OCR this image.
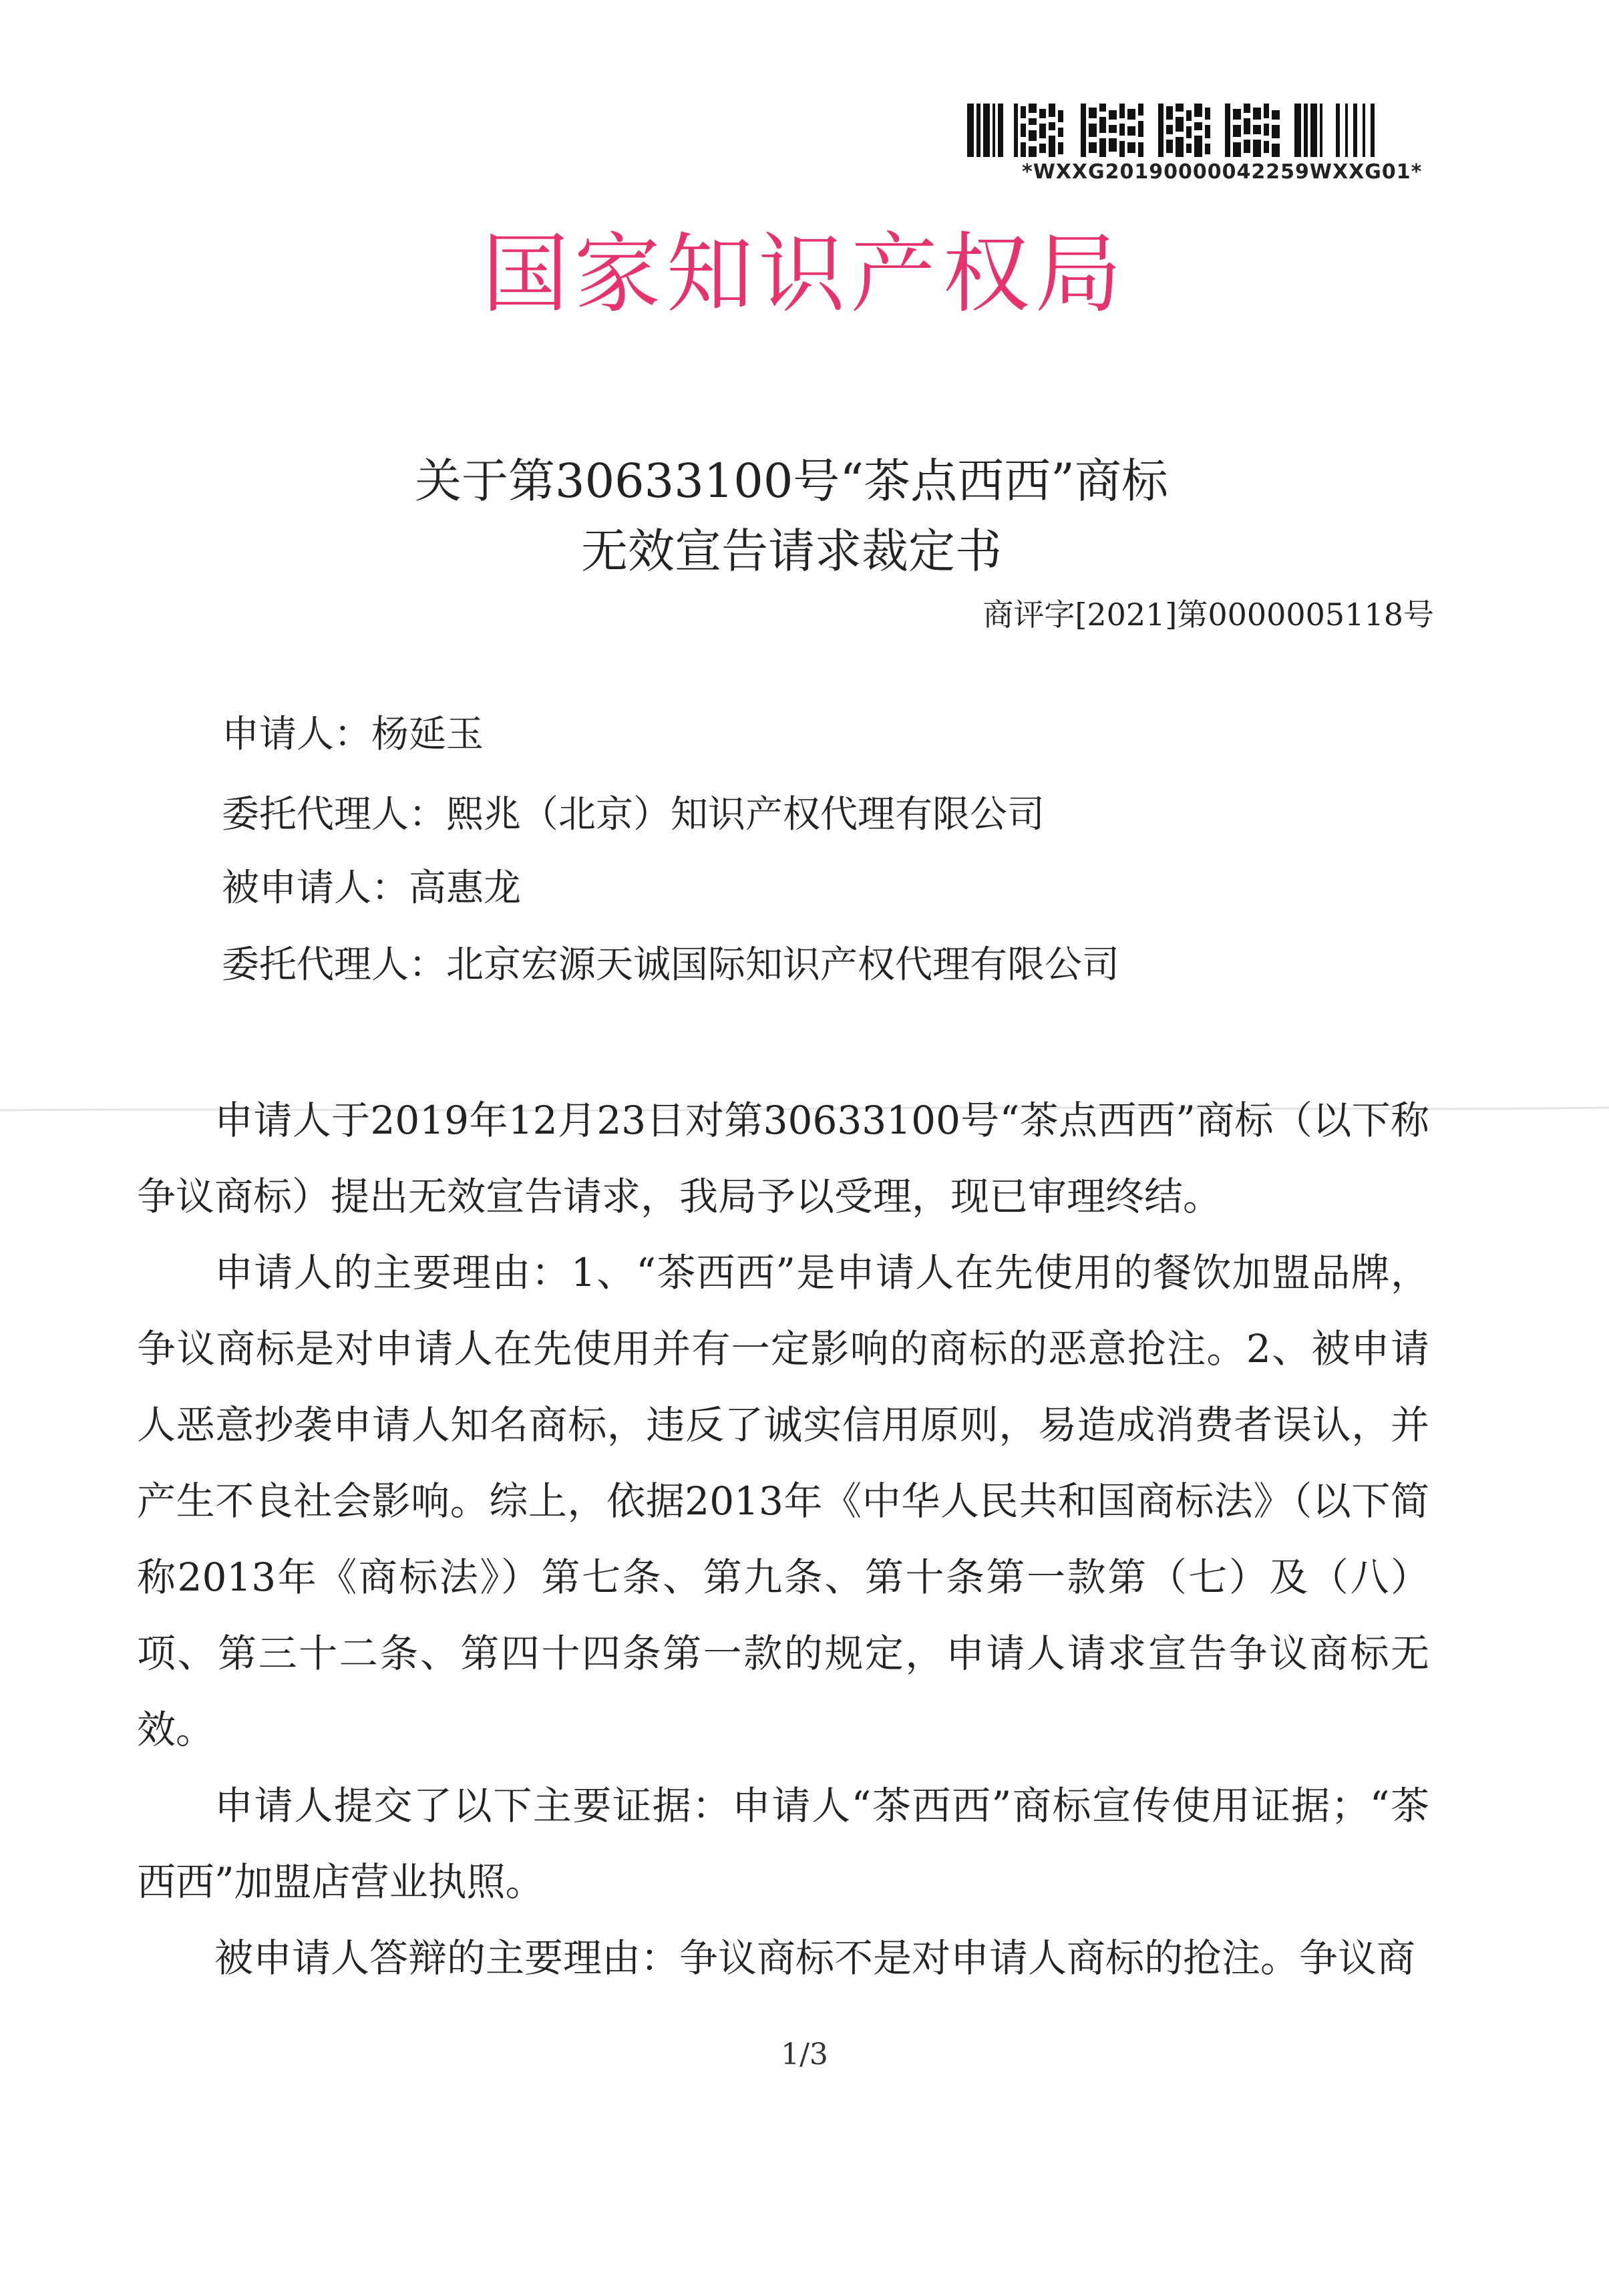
*WXXG20190000042259WXXG01*
国家知识产权局
关于第30633100号“茶点西西”商标
无效宣告请求裁定书
商评字[2021]第0000005118号
申请人：杨延玉
委托代理人：熙兆（北京）知识产权代理有限公司
被申请人：高惠龙
委托代理人：北京宏源天诚国际知识产权代理有限公司

申请人于2019年12月23日对第30633100号“茶点西西”商标（以下称争议商标）提出无效宣告请求，我局予以受理，现已审理终结。

申请人的主要理由：1、“茶西西”是申请人在先使用的餐饮加盟品牌，争议商标是对申请人在先使用并有一定影响的商标的恶意抢注。2、被申请人恶意抄袭申请人知名商标，违反了诚实信用原则，易造成消费者误认，并产生不良社会影响。综上，依据2013年《中华人民共和国商标法》（以下简称2013年《商标法》）第七条、第九条、第十条第一款第（七）及（八）项、第三十二条、第四十四条第一款的规定，申请人请求宣告争议商标无效。

申请人提交了以下主要证据：申请人“茶西西”商标宣传使用证据；“茶西西”加盟店营业执照。

被申请人答辩的主要理由：争议商标不是对申请人商标的抢注。争议商

1/3
